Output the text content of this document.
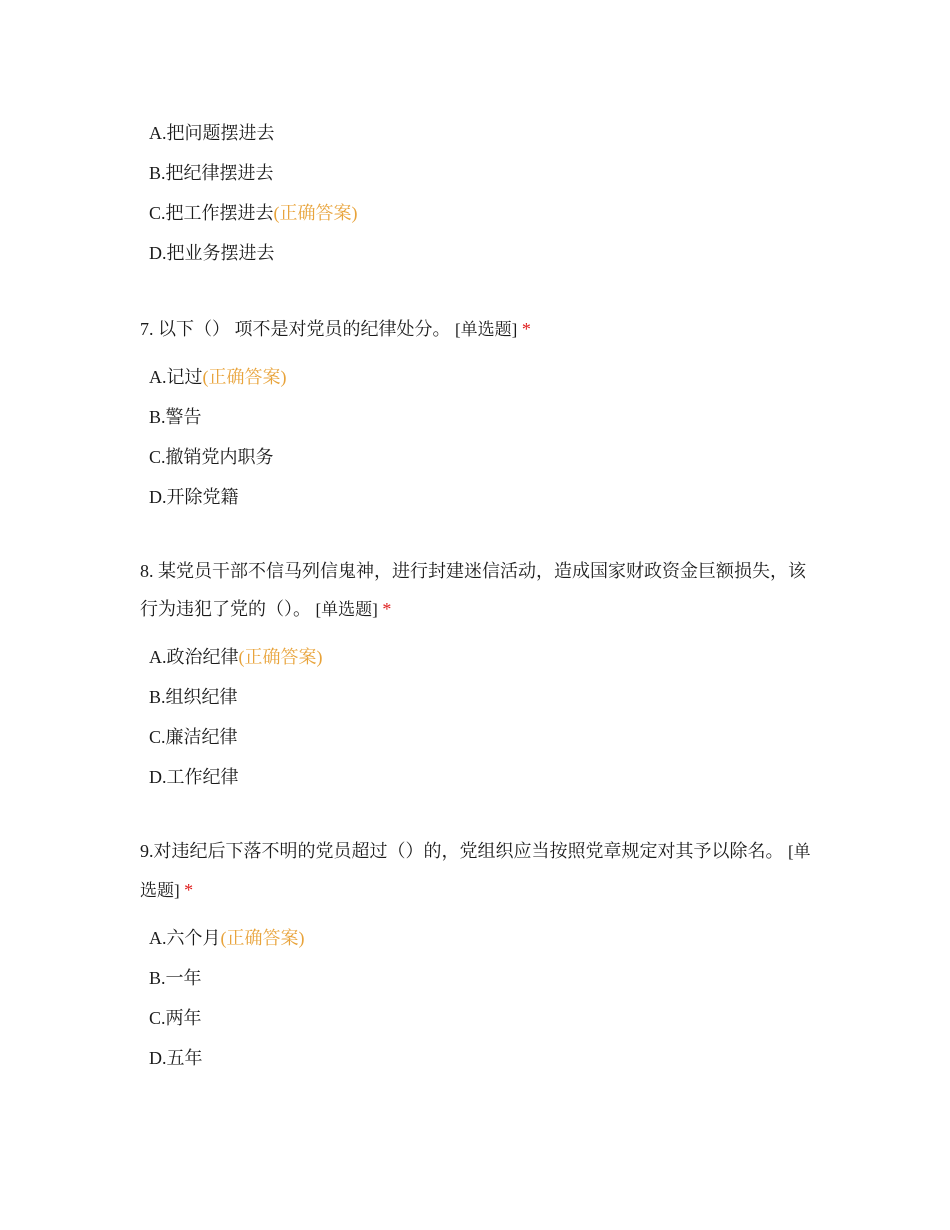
A.把问题摆进去
B.把纪律摆进去
C.把工作摆进去(正确答案)
D.把业务摆进去
7. 以下（） 项不是对党员的纪律处分。 [单选题] *
A.记过(正确答案)
B.警告
C.撤销党内职务
D.开除党籍
8. 某党员干部不信马列信鬼神，进行封建迷信活动，造成国家财政资金巨额损失，该行为违犯了党的（）。 [单选题] *
A.政治纪律(正确答案)
B.组织纪律
C.廉洁纪律
D.工作纪律
9.对违纪后下落不明的党员超过（）的，党组织应当按照党章规定对其予以除名。 [单选题] *
A.六个月(正确答案)
B.一年
C.两年
D.五年
